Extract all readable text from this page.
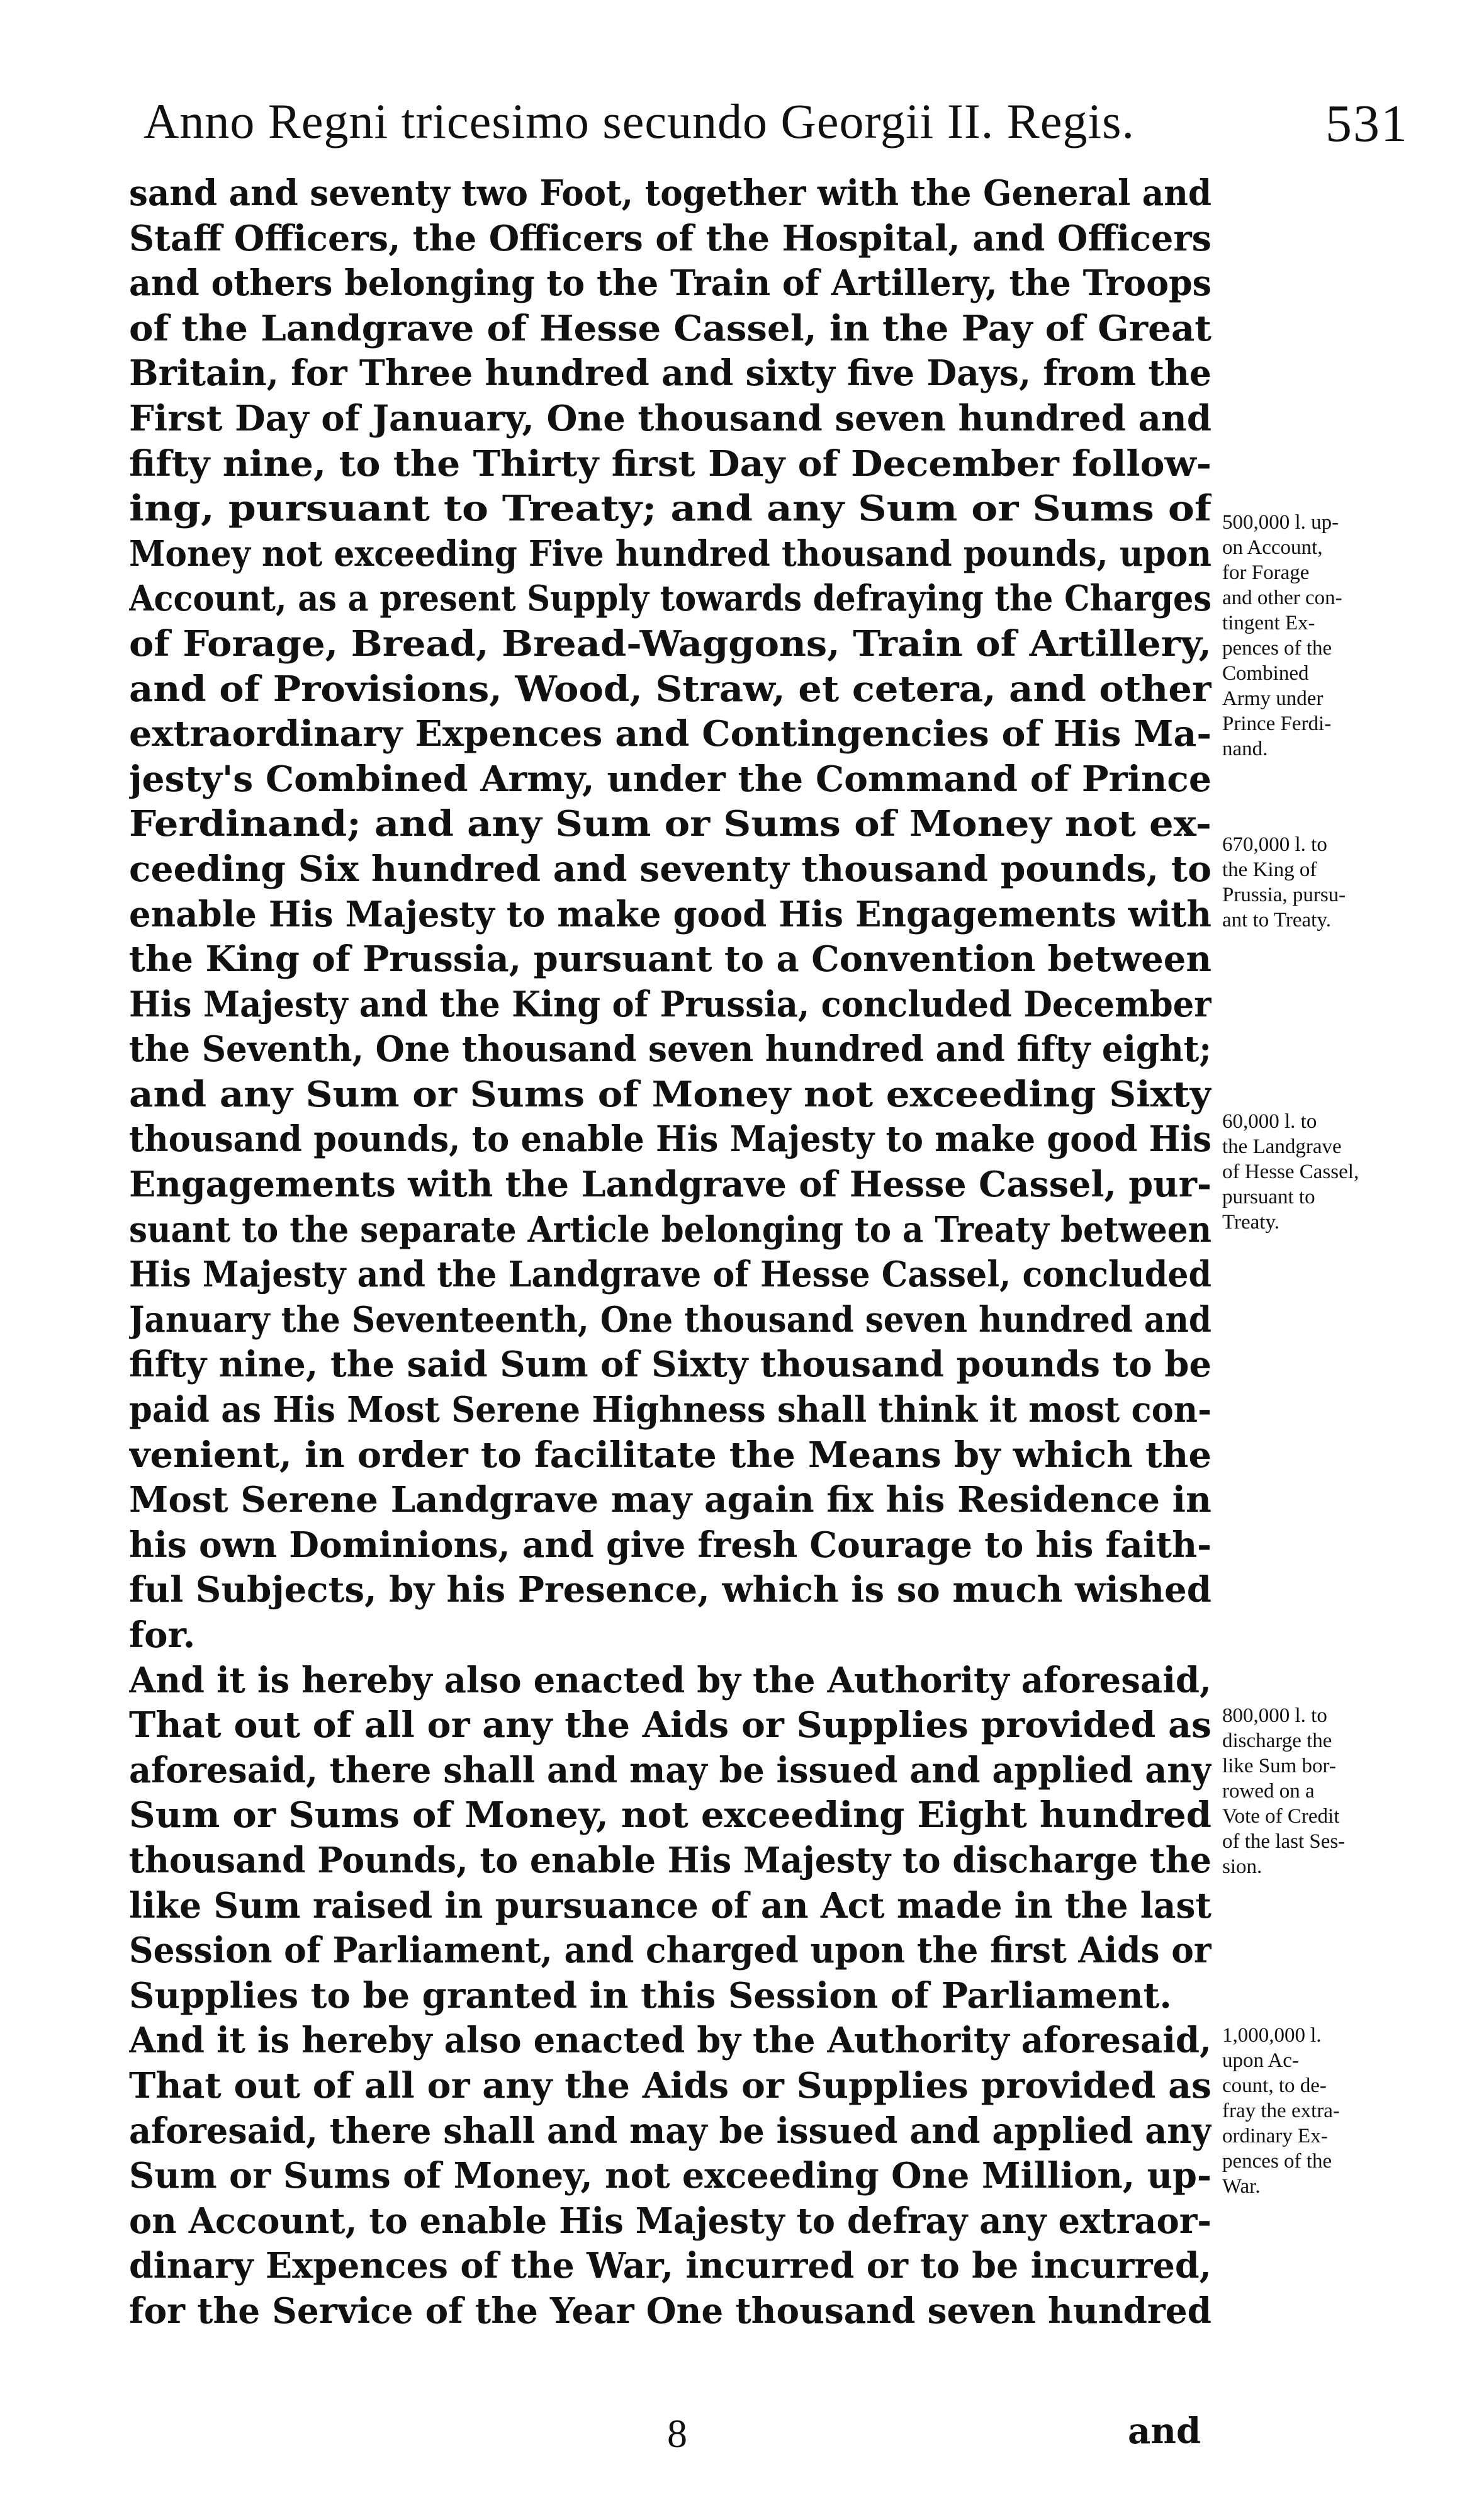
Anno Regni tricesimo secundo Georgii II. Regis.	531
sand and seventy two Foot, together with the General and
Staff Officers, the Officers of the Hospital, and Officers
and others belonging to the Train of Artillery, the Troops
of the Landgrave of Hesse Cassel, in the Pay of Great
Britain, for Three hundred and sixty five Days, from the
First Day of January, One thousand seven hundred and
fifty nine, to the Thirty first Day of December follow-
ing, pursuant to Treaty; and any Sum or Sums of
Money not exceeding Five hundred thousand pounds, upon
Account, as a present Supply towards defraying the Charges
of Forage, Bread, Bread-Waggons, Train of Artillery,
and of Provisions, Wood, Straw, et cetera, and other
extraordinary Expences and Contingencies of His Ma-
jesty's Combined Army, under the Command of Prince
Ferdinand; and any Sum or Sums of Money not ex-
ceeding Six hundred and seventy thousand pounds, to
enable His Majesty to make good His Engagements with
the King of Prussia, pursuant to a Convention between
His Majesty and the King of Prussia, concluded December
the Seventh, One thousand seven hundred and fifty eight;
and any Sum or Sums of Money not exceeding Sixty
thousand pounds, to enable His Majesty to make good His
Engagements with the Landgrave of Hesse Cassel, pur-
suant to the separate Article belonging to a Treaty between
His Majesty and the Landgrave of Hesse Cassel, concluded
January the Seventeenth, One thousand seven hundred and
fifty nine, the said Sum of Sixty thousand pounds to be
paid as His Most Serene Highness shall think it most con-
venient, in order to facilitate the Means by which the
Most Serene Landgrave may again fix his Residence in
his own Dominions, and give fresh Courage to his faith-
ful Subjects, by his Presence, which is so much wished
for.
And it is hereby also enacted by the Authority aforesaid,
That out of all or any the Aids or Supplies provided as
aforesaid, there shall and may be issued and applied any
Sum or Sums of Money, not exceeding Eight hundred
thousand Pounds, to enable His Majesty to discharge the
like Sum raised in pursuance of an Act made in the last
Session of Parliament, and charged upon the first Aids or
Supplies to be granted in this Session of Parliament.
And it is hereby also enacted by the Authority aforesaid,
That out of all or any the Aids or Supplies provided as
aforesaid, there shall and may be issued and applied any
Sum or Sums of Money, not exceeding One Million, up-
on Account, to enable His Majesty to defray any extraor-
dinary Expences of the War, incurred or to be incurred,
for the Service of the Year One thousand seven hundred
500,000 l. up-
on Account,
for Forage
and other con-
tingent Ex-
pences of the
Combined
Army under
Prince Ferdi-
nand.
670,000 l. to
the King of
Prussia, pursu-
ant to Treaty.
60,000 l. to
the Landgrave
of Hesse Cassel,
pursuant to
Treaty.
800,000 l. to
discharge the
like Sum bor-
rowed on a
Vote of Credit
of the last Ses-
sion.
1,000,000 l.
upon Ac-
count, to de-
fray the extra-
ordinary Ex-
pences of the
War.
8	and
